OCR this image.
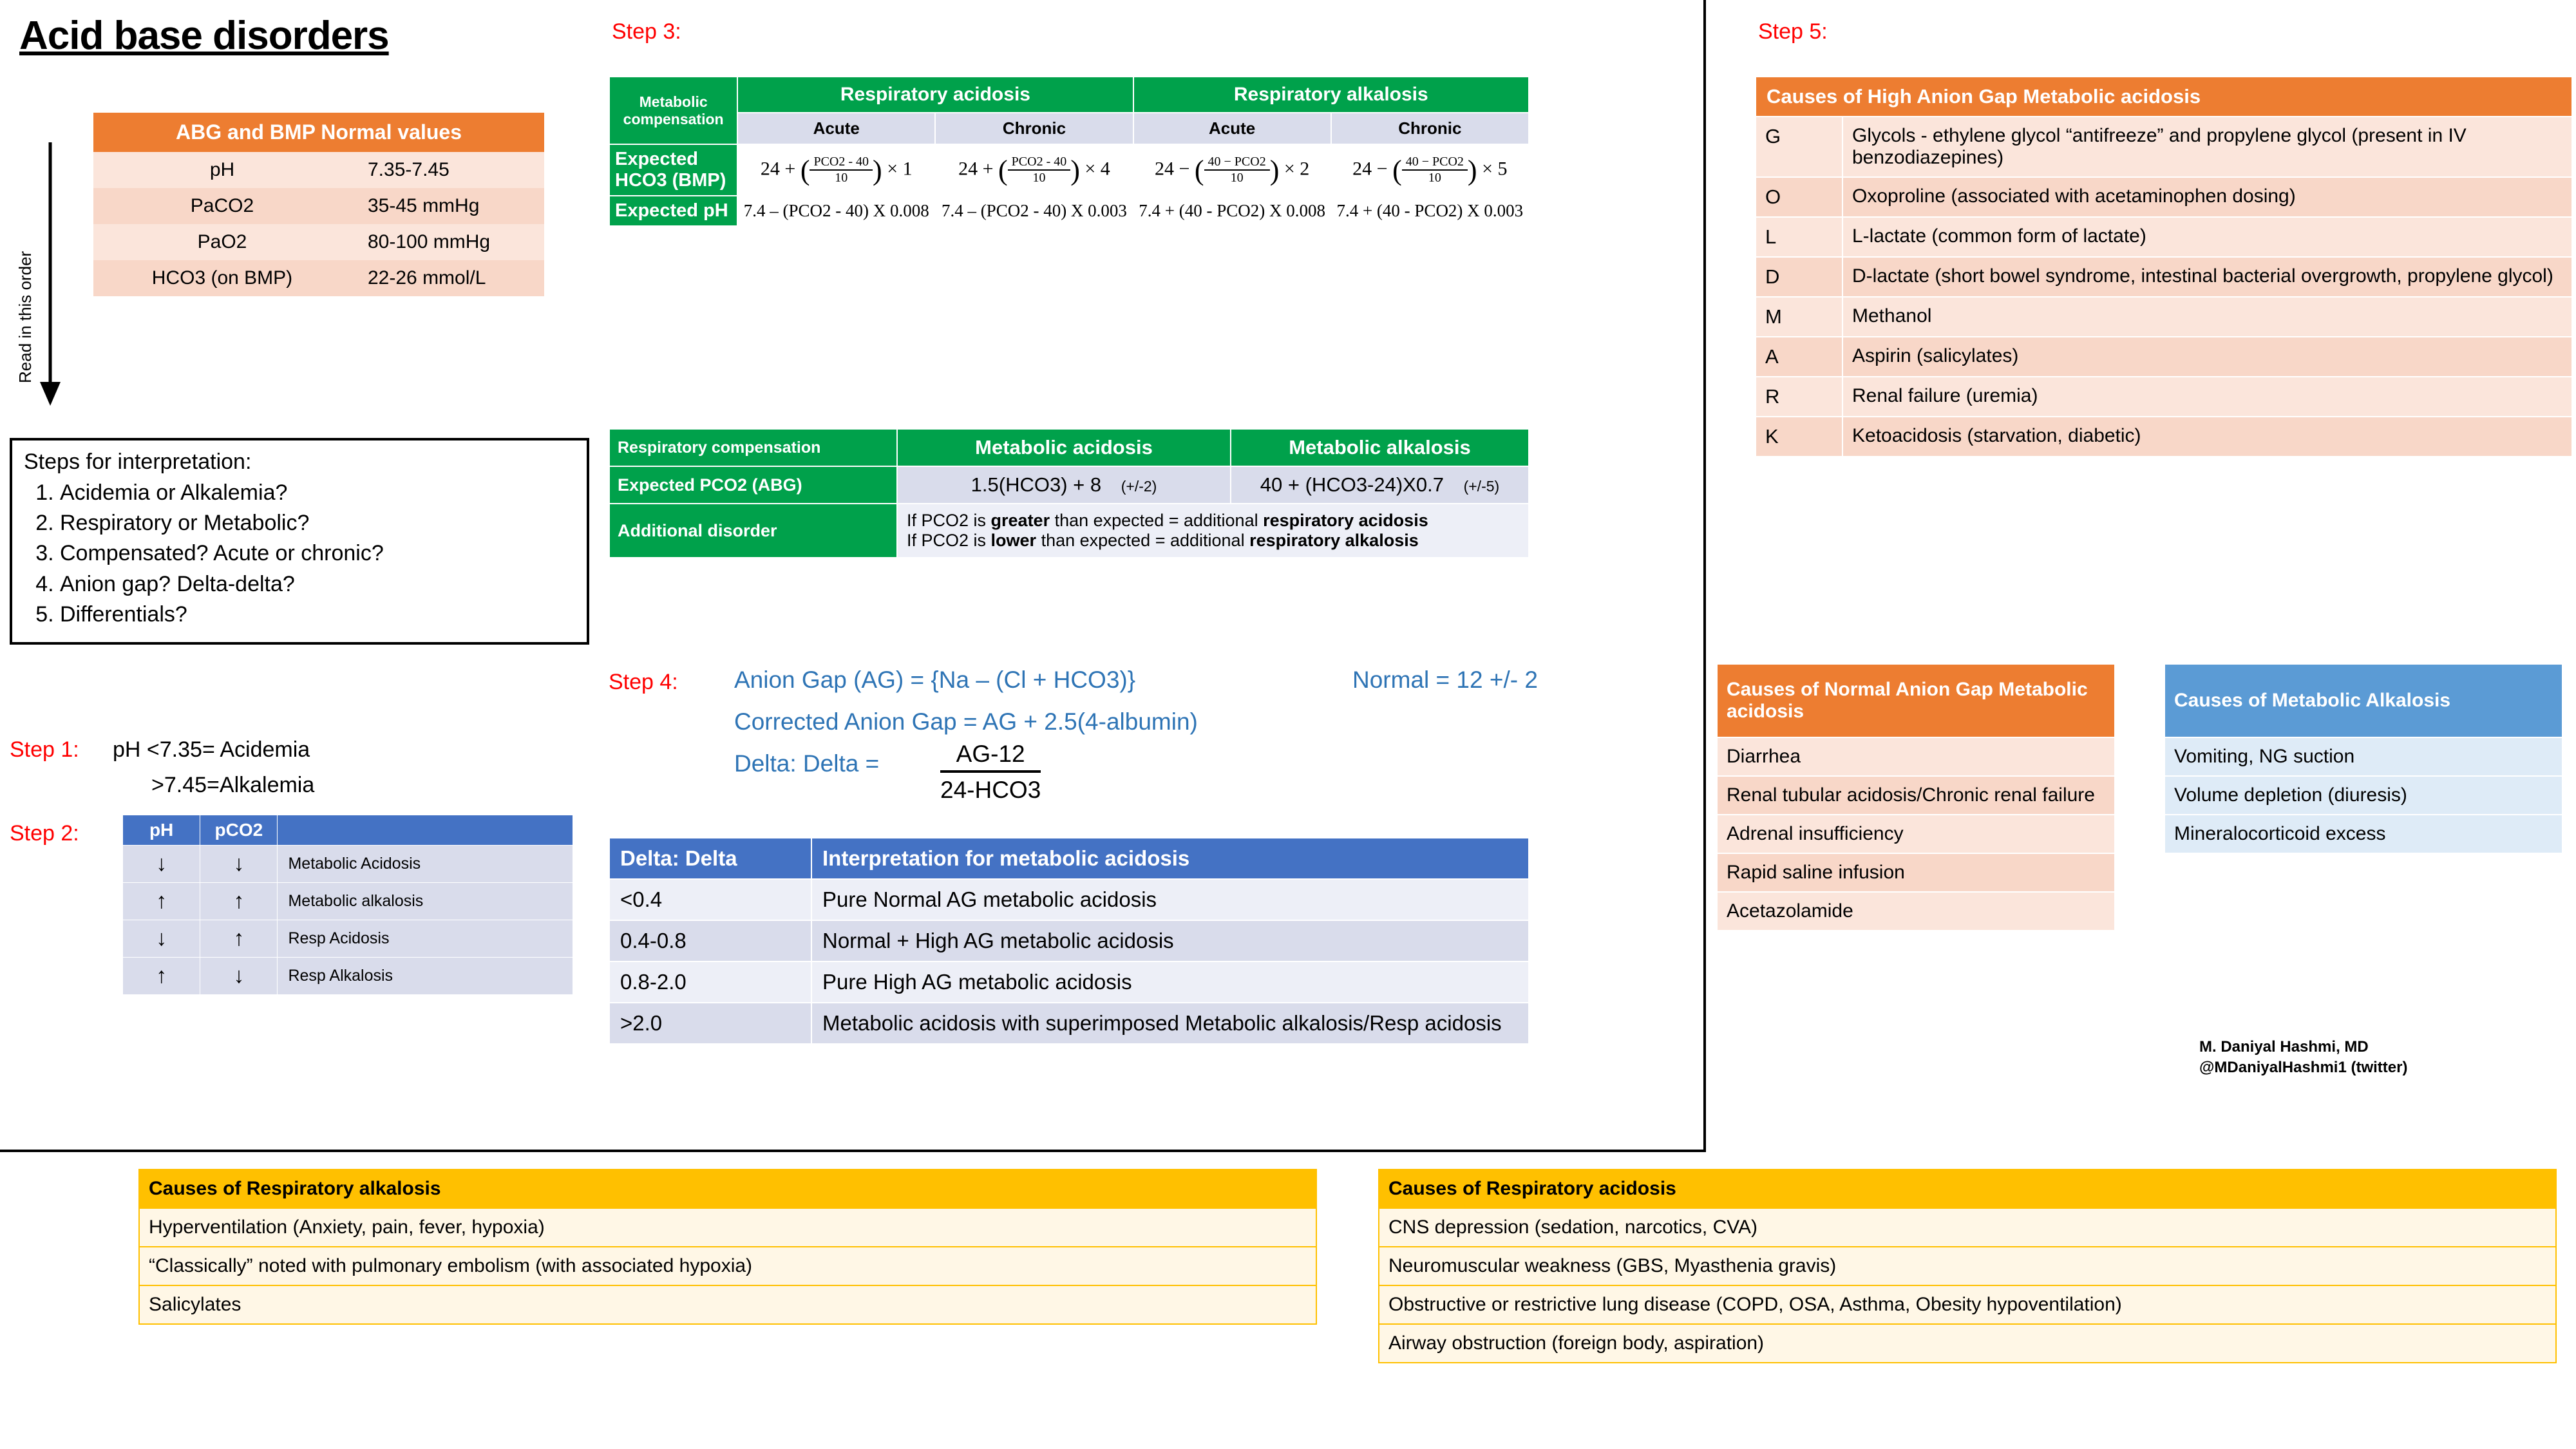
Acid base disorders
Read in this order
ABG and BMP Normal values	
pH	7.35-7.45
PaCO2	35-45 mmHg
PaO2	80-100 mmHg
HCO3 (on BMP)	22-26 mmol/L
Steps for interpretation:
1. Acidemia or Alkalemia?
2. Respiratory or Metabolic?
3. Compensated? Acute or chronic?
4. Anion gap? Delta-delta?
5. Differentials?
Step 1: pH <7.35= Acidemia
>7.45=Alkalemia
Step 2:	pH	pCO2	
↓	↓	Metabolic Acidosis
↑	↑	Metabolic alkalosis
↓	↑	Resp Acidosis
↑	↓	Resp Alkalosis
Step 3:
Metabolic compensation	Respiratory acidosis		Respiratory alkalosis	
	Acute	Chronic	Acute	Chronic
Expected HCO3 (BMP)	24 + ( $\frac{\text{PCO2 - 40}}{10}$ ) × 1	24 + ( $\frac{\text{PCO2 - 40}}{10}$ ) × 4	24 − ( $\frac{\text{40 − PCO2}}{10}$ ) × 2	24 − ( $\frac{\text{40 − PCO2}}{10}$ ) × 5
Expected pH	7.4 – (PCO2 - 40) X 0.008	7.4 – (PCO2 - 40) X 0.003	7.4 + (40 - PCO2) X 0.008	7.4 + (40 - PCO2) X 0.003
Respiratory compensation	Metabolic acidosis	Metabolic alkalosis
Expected PCO2 (ABG)	1.5(HCO3) + 8 (+/-2)	40 + (HCO3-24)X0.7 (+/-5)
Additional disorder	If PCO2 is greater than expected = additional respiratory acidosis
If PCO2 is lower than expected = additional respiratory alkalosis	
Step 4: Anion Gap (AG) = {Na – (Cl + HCO3)}	Normal = 12 +/- 2
Corrected Anion Gap = AG + 2.5(4-albumin)
Delta: Delta =	AG-12
24-HCO3
Delta: Delta	Interpretation for metabolic acidosis
<0.4	Pure Normal AG metabolic acidosis
0.4-0.8	Normal + High AG metabolic acidosis
0.8-2.0	Pure High AG metabolic acidosis
>2.0	Metabolic acidosis with superimposed Metabolic alkalosis/Resp acidosis
Step 5:
Causes of High Anion Gap Metabolic acidosis	
G	Glycols - ethylene glycol “antifreeze” and propylene glycol (present in IV benzodiazepines)
O	Oxoproline (associated with acetaminophen dosing)
L	L-lactate (common form of lactate)
D	D-lactate (short bowel syndrome, intestinal bacterial overgrowth, propylene glycol)
M	Methanol
A	Aspirin (salicylates)
R	Renal failure (uremia)
K	Ketoacidosis (starvation, diabetic)
Causes of Normal Anion Gap Metabolic acidosis
Diarrhea
Renal tubular acidosis/Chronic renal failure
Adrenal insufficiency
Rapid saline infusion
Acetazolamide
Causes of Metabolic Alkalosis
Vomiting, NG suction
Volume depletion (diuresis)
Mineralocorticoid excess
M. Daniyal Hashmi, MD
@MDaniyalHashmi1 (twitter)
Causes of Respiratory alkalosis
Hyperventilation (Anxiety, pain, fever, hypoxia)
“Classically” noted with pulmonary embolism (with associated hypoxia)
Salicylates
Causes of Respiratory acidosis
CNS depression (sedation, narcotics, CVA)
Neuromuscular weakness (GBS, Myasthenia gravis)
Obstructive or restrictive lung disease (COPD, OSA, Asthma, Obesity hypoventilation)
Airway obstruction (foreign body, aspiration)
